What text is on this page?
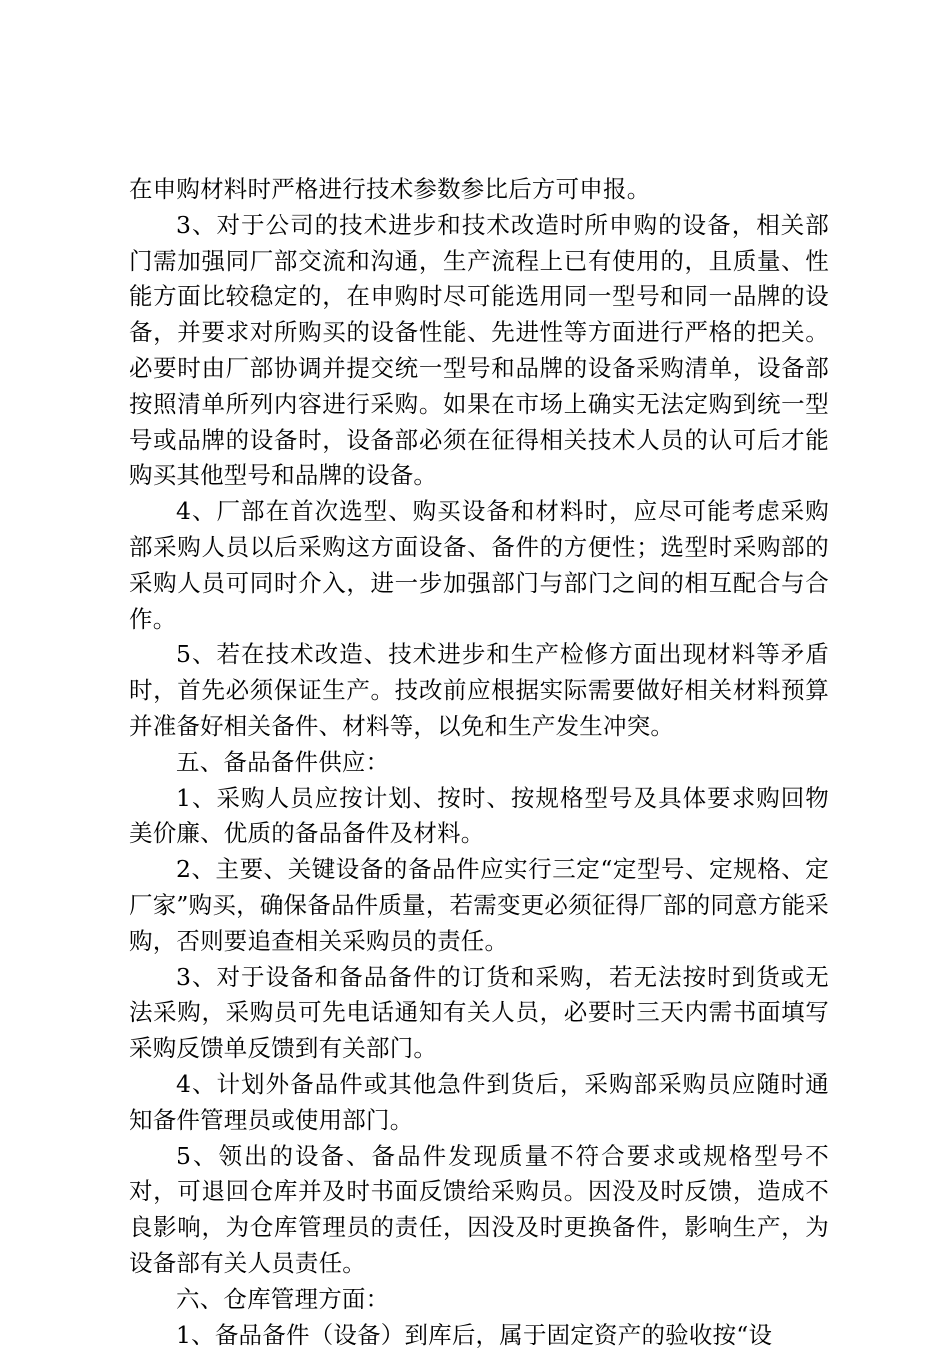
在申购材料时严格进行技术参数参比后方可申报。

3、对于公司的技术进步和技术改造时所申购的设备，相关部门需加强同厂部交流和沟通，生产流程上已有使用的，且质量、性能方面比较稳定的，在申购时尽可能选用同一型号和同一品牌的设备，并要求对所购买的设备性能、先进性等方面进行严格的把关。必要时由厂部协调并提交统一型号和品牌的设备采购清单，设备部按照清单所列内容进行采购。如果在市场上确实无法定购到统一型号或品牌的设备时，设备部必须在征得相关技术人员的认可后才能购买其他型号和品牌的设备。

4、厂部在首次选型、购买设备和材料时，应尽可能考虑采购部采购人员以后采购这方面设备、备件的方便性；选型时采购部的采购人员可同时介入，进一步加强部门与部门之间的相互配合与合作。

5、若在技术改造、技术进步和生产检修方面出现材料等矛盾时，首先必须保证生产。技改前应根据实际需要做好相关材料预算并准备好相关备件、材料等，以免和生产发生冲突。

五、备品备件供应：

1、采购人员应按计划、按时、按规格型号及具体要求购回物美价廉、优质的备品备件及材料。

2、主要、关键设备的备品件应实行三定“定型号、定规格、定厂家”购买，确保备品件质量，若需变更必须征得厂部的同意方能采购，否则要追查相关采购员的责任。

3、对于设备和备品备件的订货和采购，若无法按时到货或无法采购，采购员可先电话通知有关人员，必要时三天内需书面填写采购反馈单反馈到有关部门。

4、计划外备品件或其他急件到货后，采购部采购员应随时通知备件管理员或使用部门。

5、领出的设备、备品件发现质量不符合要求或规格型号不对，可退回仓库并及时书面反馈给采购员。因没及时反馈，造成不良影响，为仓库管理员的责任，因没及时更换备件，影响生产，为设备部有关人员责任。

六、仓库管理方面：

1、备品备件（设备）到库后，属于固定资产的验收按“设
